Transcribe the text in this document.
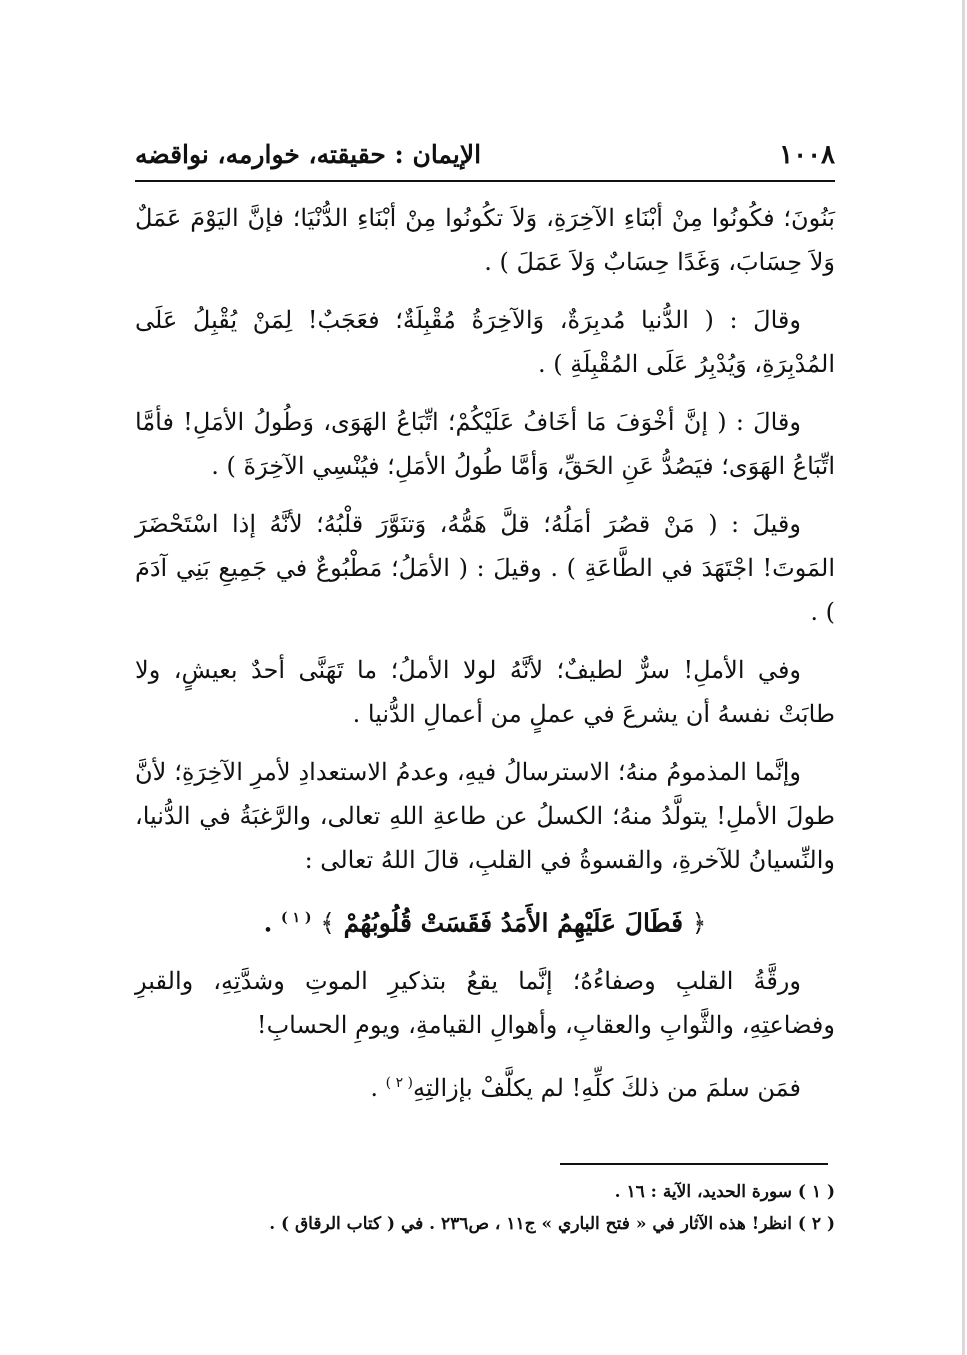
١٠٠٨
الإيمان : حقيقته، خوارمه، نواقضه

بَنُونَ؛ فكُونُوا مِنْ أبْنَاءِ الآخِرَةِ، وَلاَ تكُونُوا مِنْ أبْنَاءِ الدُّنْيَا؛ فإنَّ اليَوْمَ عَمَلٌ وَلاَ حِسَابَ، وَغَدًا حِسَابٌ وَلاَ عَمَلَ ) .

وقالَ : ( الدُّنيا مُدبِرَةٌ، وَالآخِرَةُ مُقْبِلَةٌ؛ فعَجَبٌ! لِمَنْ يُقْبِلُ عَلَى المُدْبِرَةِ، وَيُدْبِرُ عَلَى المُقْبِلَةِ ) .

وقالَ : ( إنَّ أخْوَفَ مَا أخَافُ عَلَيْكُمْ؛ اتِّبَاعُ الهَوَى، وَطُولُ الأمَلِ! فأمَّا اتِّبَاعُ الهَوَى؛ فيَصُدُّ عَنِ الحَقِّ، وَأمَّا طُولُ الأمَلِ؛ فيُنْسِي الآخِرَةَ ) .

وقيلَ : ( مَنْ قصُرَ أمَلُهُ؛ قلَّ هَمُّهُ، وَتنَوَّرَ قلْبُهُ؛ لأنَّهُ إذا اسْتَحْضَرَ المَوتَ! اجْتَهَدَ في الطَّاعَةِ ) . وقيلَ : ( الأمَلُ؛ مَطْبُوعٌ في جَمِيعِ بَنِي آدَمَ ) .

وفي الأملِ! سرٌّ لطيفٌ؛ لأنَّهُ لولا الأملُ؛ ما تَهَنَّى أحدٌ بعيشٍ، ولا طابَتْ نفسهُ أن يشرعَ في عملٍ من أعمالِ الدُّنيا .

وإنَّما المذمومُ منهُ؛ الاسترسالُ فيهِ، وعدمُ الاستعدادِ لأمرِ الآخِرَةِ؛ لأنَّ طولَ الأملِ! يتولَّدُ منهُ؛ الكسلُ عن طاعةِ اللهِ تعالى، والرَّغبَةُ في الدُّنيا، والنِّسيانُ للآخرةِ، والقسوةُ في القلبِ، قالَ اللهُ تعالى :

﴿ فَطَالَ عَلَيْهِمُ الأَمَدُ فَقَسَتْ قُلُوبُهُمْ ﴾ $^{( ١ )}$ .

ورقَّةُ القلبِ وصفاءُهُ؛ إنَّما يقعُ بتذكيرِ الموتِ وشدَّتِهِ، والقبرِ وفضاعتِهِ، والثَّوابِ والعقابِ، وأهوالِ القيامةِ، ويومِ الحسابِ!

فمَن سلمَ من ذلكَ كلِّهِ! لم يكلَّفْ بإزالتِهِ$^{( ٢ )}$ .

( ١ ) سورة الحديد، الآية : ١٦ .

( ٢ ) انظر! هذه الآثار في « فتح الباري » ج١١ ، ص٢٣٦ . في ( كتاب الرقاق ) .
